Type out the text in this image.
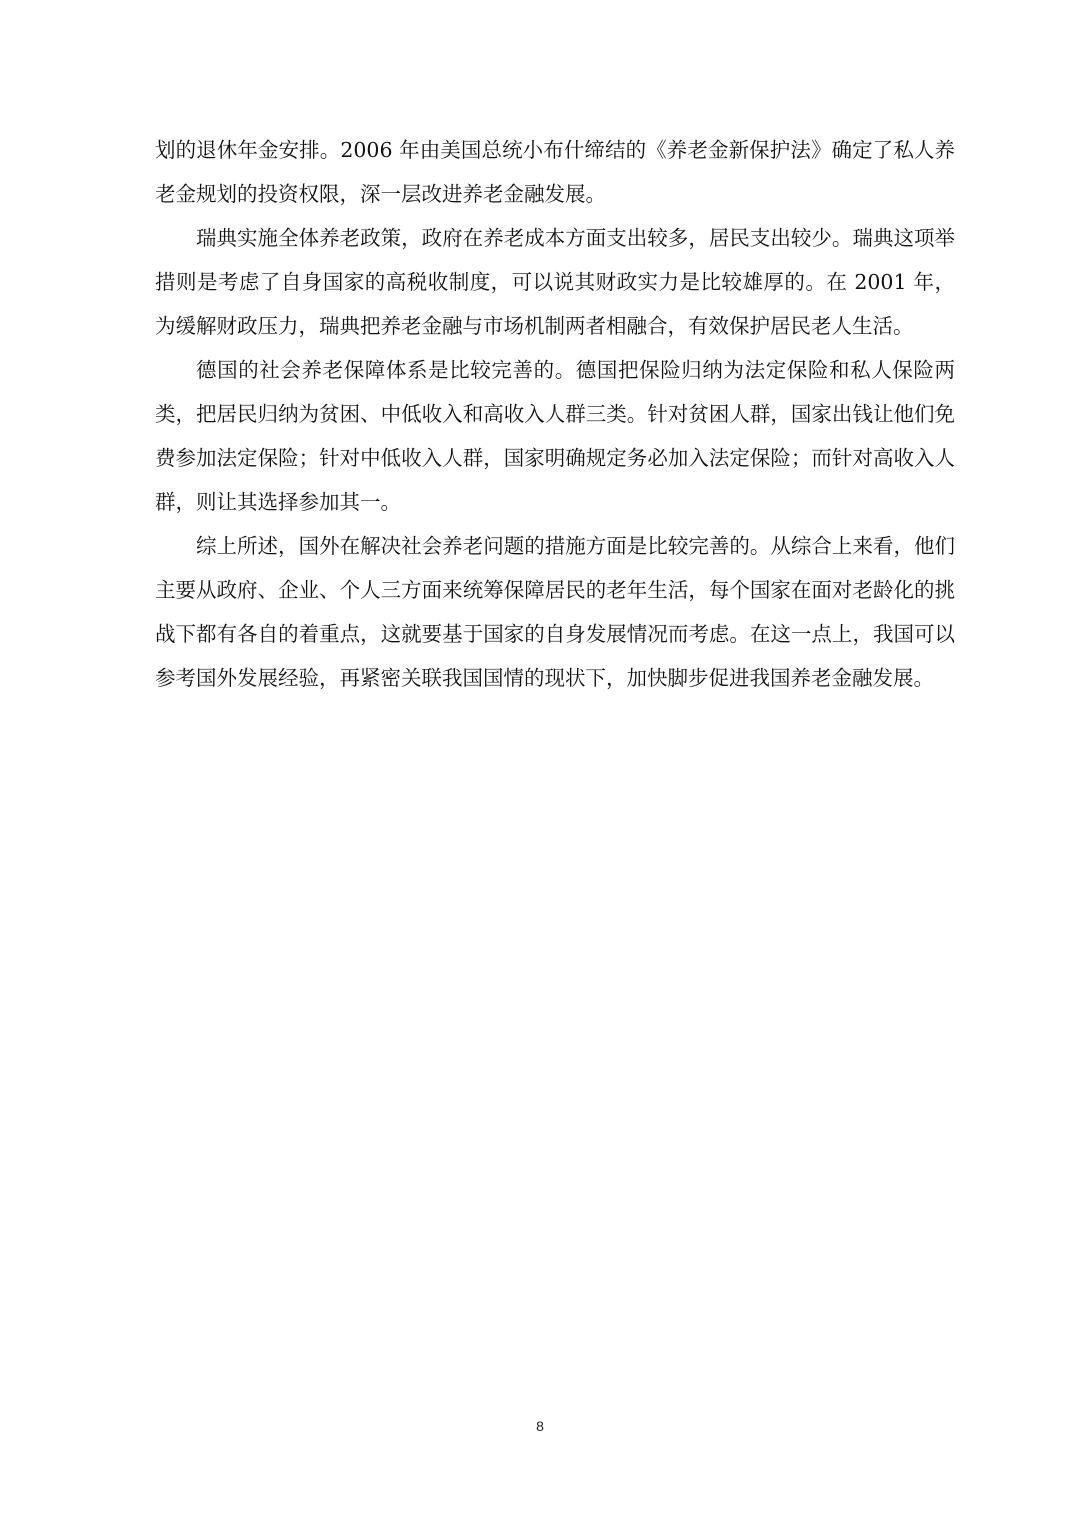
划的退休年金安排。2006 年由美国总统小布什缔结的《养老金新保护法》确定了私人养老金规划的投资权限，深一层改进养老金融发展。

瑞典实施全体养老政策，政府在养老成本方面支出较多，居民支出较少。瑞典这项举措则是考虑了自身国家的高税收制度，可以说其财政实力是比较雄厚的。在 2001 年，为缓解财政压力，瑞典把养老金融与市场机制两者相融合，有效保护居民老人生活。

德国的社会养老保障体系是比较完善的。德国把保险归纳为法定保险和私人保险两类，把居民归纳为贫困、中低收入和高收入人群三类。针对贫困人群，国家出钱让他们免费参加法定保险；针对中低收入人群，国家明确规定务必加入法定保险；而针对高收入人群，则让其选择参加其一。

综上所述，国外在解决社会养老问题的措施方面是比较完善的。从综合上来看，他们主要从政府、企业、个人三方面来统筹保障居民的老年生活，每个国家在面对老龄化的挑战下都有各自的着重点，这就要基于国家的自身发展情况而考虑。在这一点上，我国可以参考国外发展经验，再紧密关联我国国情的现状下，加快脚步促进我国养老金融发展。

8
